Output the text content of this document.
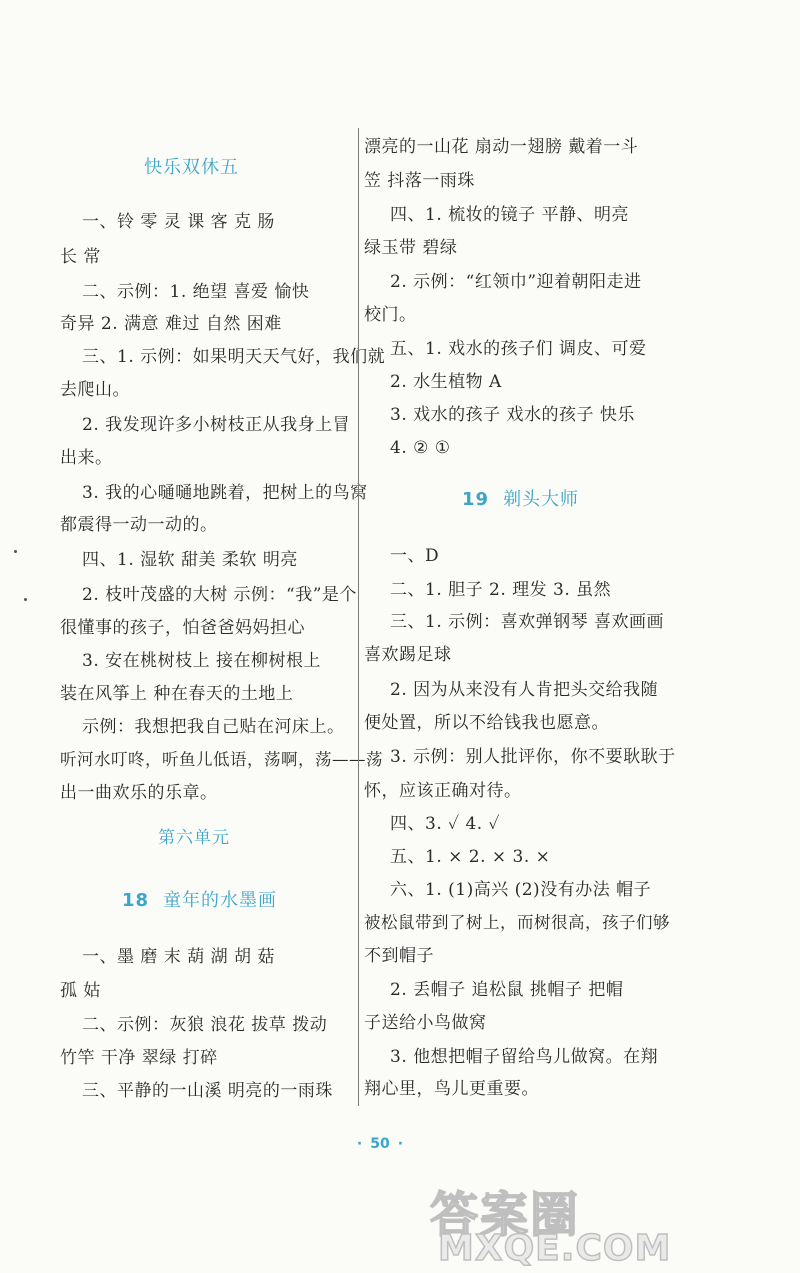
快乐双休五
一、铃 零 灵 课 客 克 肠
长 常
二、示例：1. 绝望 喜爱 愉快
奇异 2. 满意 难过 自然 困难
三、1. 示例：如果明天天气好，我们就
去爬山。
2. 我发现许多小树枝正从我身上冒
出来。
3. 我的心嗵嗵地跳着，把树上的鸟窝
都震得一动一动的。
四、1. 湿软 甜美 柔软 明亮
2. 枝叶茂盛的大树 示例：“我”是个
很懂事的孩子，怕爸爸妈妈担心
3. 安在桃树枝上 接在柳树根上
装在风筝上 种在春天的土地上
示例：我想把我自己贴在河床上。
听河水叮咚，听鱼儿低语，荡啊，荡——荡
出一曲欢乐的乐章。
第六单元
18 童年的水墨画
一、墨 磨 末 葫 湖 胡 菇
孤 姑
二、示例：灰狼 浪花 拔草 拨动
竹竿 干净 翠绿 打碎
三、平静的一山溪 明亮的一雨珠
漂亮的一山花 扇动一翅膀 戴着一斗
笠 抖落一雨珠
四、1. 梳妆的镜子 平静、明亮
绿玉带 碧绿
2. 示例：“红领巾”迎着朝阳走进
校门。
五、1. 戏水的孩子们 调皮、可爱
2. 水生植物 A
3. 戏水的孩子 戏水的孩子 快乐
4. ② ①
19 剃头大师
一、D
二、1. 胆子 2. 理发 3. 虽然
三、1. 示例：喜欢弹钢琴 喜欢画画
喜欢踢足球
2. 因为从来没有人肯把头交给我随
便处置，所以不给钱我也愿意。
3. 示例：别人批评你，你不要耿耿于
怀，应该正确对待。
四、3. ✓ 4. ✓
五、1. × 2. × 3. ×
六、1. (1)高兴 (2)没有办法 帽子
被松鼠带到了树上，而树很高，孩子们够
不到帽子
2. 丢帽子 追松鼠 挑帽子 把帽
子送给小鸟做窝
3. 他想把帽子留给鸟儿做窝。在翔
翔心里，鸟儿更重要。
· 50 ·
答案圈
MXQE.COM
